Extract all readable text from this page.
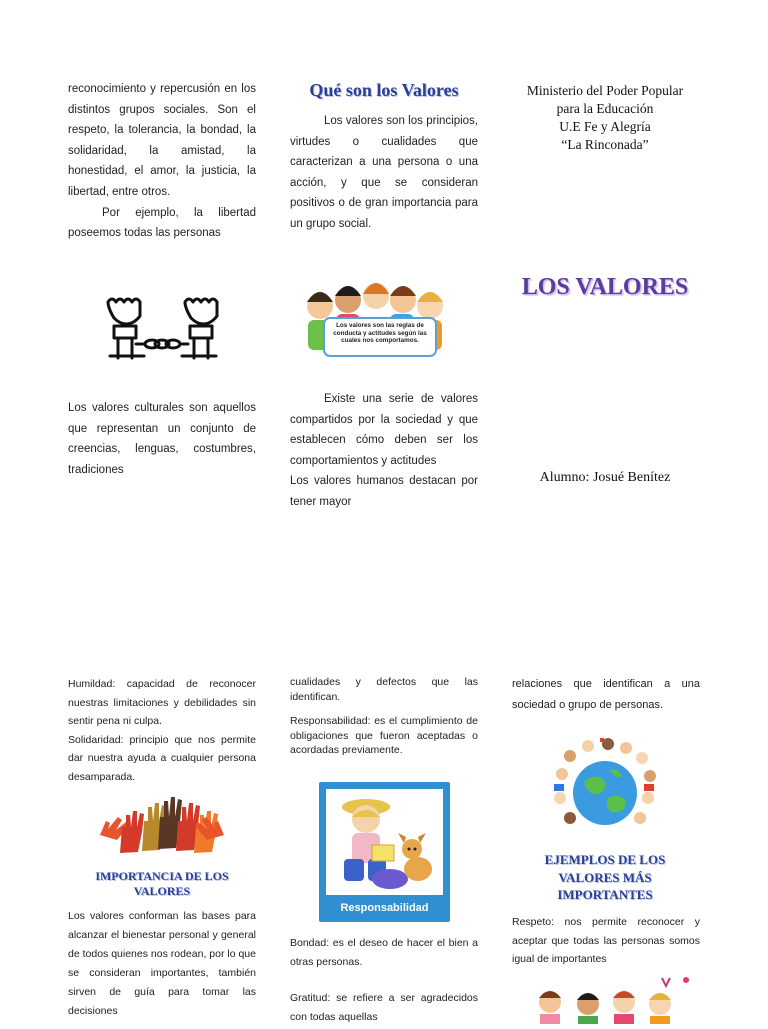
reconocimiento y repercusión en los distintos grupos sociales. Son el respeto, la tolerancia, la bondad, la solidaridad, la amistad, la honestidad, el amor, la justicia, la libertad, entre otros.

Por ejemplo, la libertad poseemos todas las personas

Los valores culturales son aquellos que representan un conjunto de creencias, lenguas, costumbres, tradiciones

Qué son los Valores

Los valores son los principios, virtudes o cualidades que caracterizan a una persona o una acción, y que se consideran positivos o de gran importancia para un grupo social.

Los valores son las reglas de conducta y actitudes según las cuales nos comportamos.

Existe una serie de valores compartidos por la sociedad y que establecen cómo deben ser los comportamientos y actitudes

Los valores humanos destacan por tener mayor

Ministerio del Poder Popular
para la Educación
U.E Fe y Alegría
“La Rinconada”
LOS VALORES
Alumno: Josué Benítez

Humildad: capacidad de reconocer nuestras limitaciones y debilidades sin sentir pena ni culpa.

Solidaridad: principio que nos permite dar nuestra ayuda a cualquier persona desamparada.

IMPORTANCIA DE LOS VALORES

Los valores conforman las bases para alcanzar el bienestar personal y general de todos quienes nos rodean, por lo que se consideran importantes, también sirven de guía para tomar las decisiones

cualidades y defectos que las identifican.

Responsabilidad: es el cumplimiento de obligaciones que fueron aceptadas o acordadas previamente.

Responsabilidad

Bondad: es el deseo de hacer el bien a otras personas.

Gratitud: se refiere a ser agradecidos con todas aquellas

relaciones que identifican a una sociedad o grupo de personas.

EJEMPLOS DE LOS VALORES MÁS IMPORTANTES

Respeto: nos permite reconocer y aceptar que todas las personas somos igual de importantes
